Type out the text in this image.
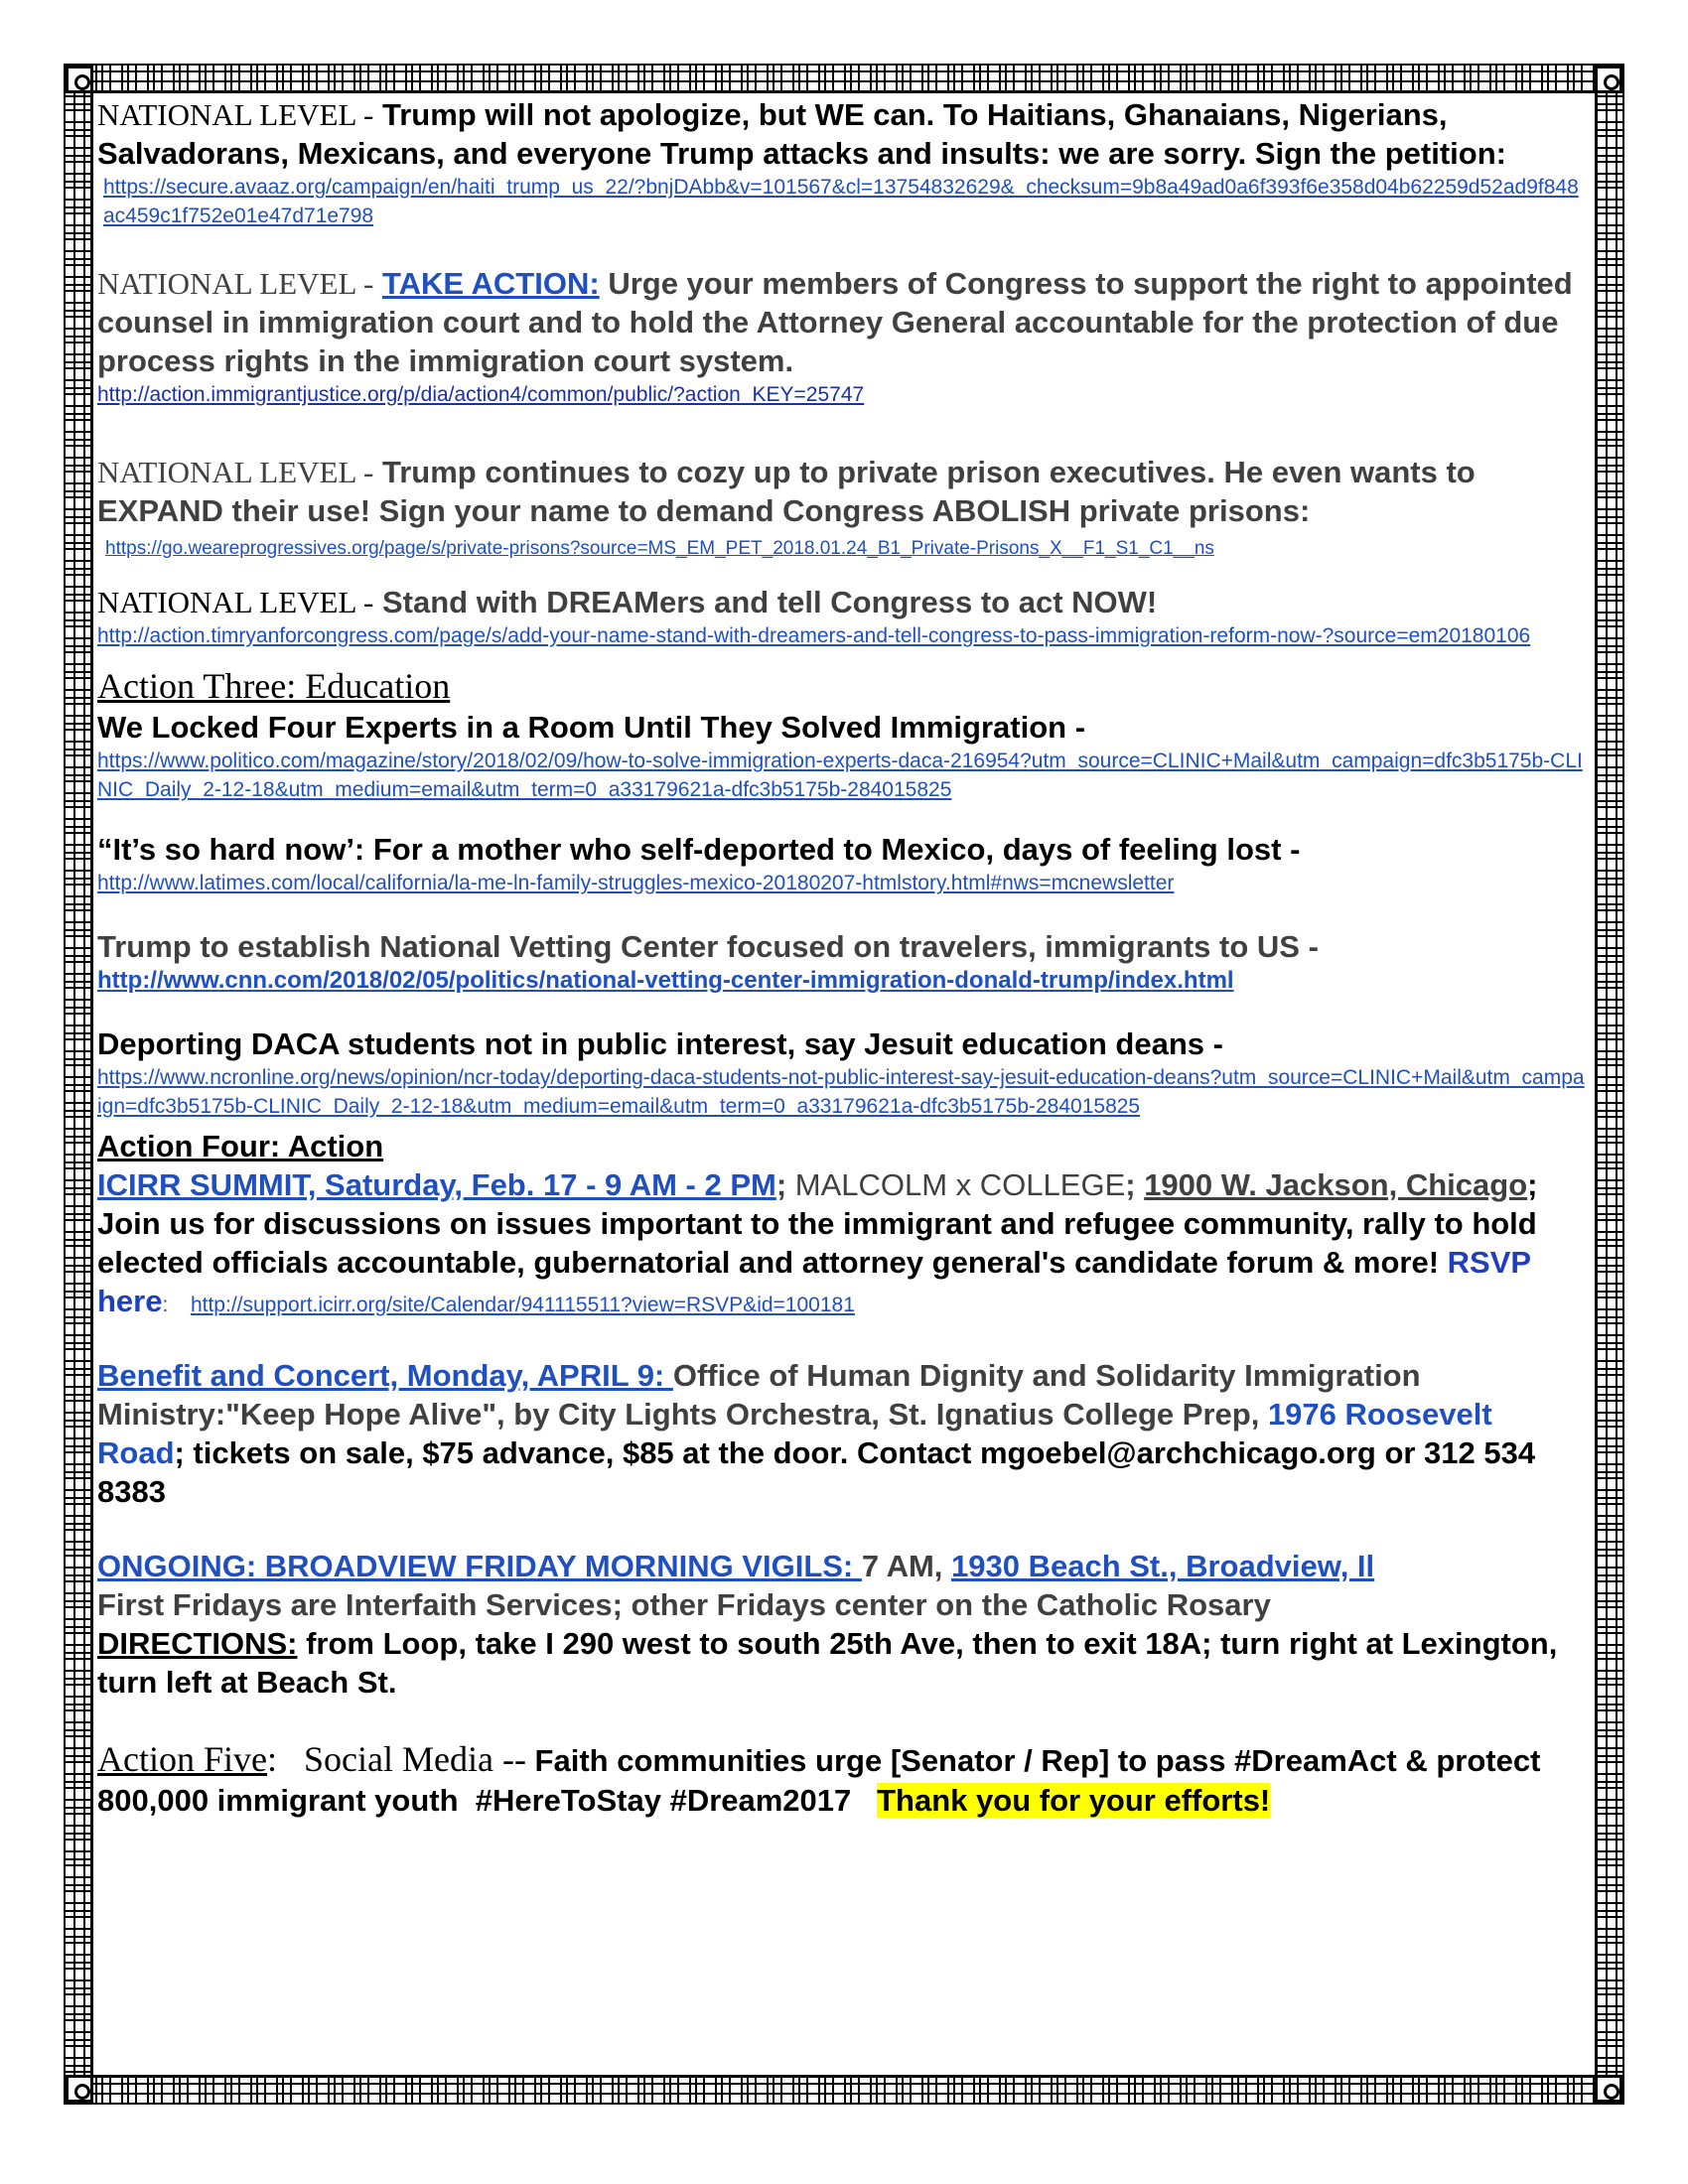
NATIONAL LEVEL - Trump will not apologize, but WE can. To Haitians, Ghanaians, Nigerians, Salvadorans, Mexicans, and everyone Trump attacks and insults: we are sorry. Sign the petition:
https://secure.avaaz.org/campaign/en/haiti_trump_us_22/?bnjDAbb&v=101567&cl=13754832629&_checksum=9b8a49ad0a6f393f6e358d04b62259d52ad9f848ac459c1f752e01e47d71e798
NATIONAL LEVEL - TAKE ACTION: Urge your members of Congress to support the right to appointed counsel in immigration court and to hold the Attorney General accountable for the protection of due process rights in the immigration court system.
http://action.immigrantjustice.org/p/dia/action4/common/public/?action_KEY=25747
NATIONAL LEVEL - Trump continues to cozy up to private prison executives. He even wants to EXPAND their use! Sign your name to demand Congress ABOLISH private prisons:
https://go.weareprogressives.org/page/s/private-prisons?source=MS_EM_PET_2018.01.24_B1_Private-Prisons_X__F1_S1_C1__ns
NATIONAL LEVEL - Stand with DREAMers and tell Congress to act NOW!
http://action.timryanforcongress.com/page/s/add-your-name-stand-with-dreamers-and-tell-congress-to-pass-immigration-reform-now-?source=em20180106
Action Three: Education
We Locked Four Experts in a Room Until They Solved Immigration -
https://www.politico.com/magazine/story/2018/02/09/how-to-solve-immigration-experts-daca-216954?utm_source=CLINIC+Mail&utm_campaign=dfc3b5175b-CLINIC_Daily_2-12-18&utm_medium=email&utm_term=0_a33179621a-dfc3b5175b-284015825
“It’s so hard now’: For a mother who self-deported to Mexico, days of feeling lost -
http://www.latimes.com/local/california/la-me-ln-family-struggles-mexico-20180207-htmlstory.html#nws=mcnewsletter
Trump to establish National Vetting Center focused on travelers, immigrants to US -
http://www.cnn.com/2018/02/05/politics/national-vetting-center-immigration-donald-trump/index.html
Deporting DACA students not in public interest, say Jesuit education deans -
https://www.ncronline.org/news/opinion/ncr-today/deporting-daca-students-not-public-interest-say-jesuit-education-deans?utm_source=CLINIC+Mail&utm_campaign=dfc3b5175b-CLINIC_Daily_2-12-18&utm_medium=email&utm_term=0_a33179621a-dfc3b5175b-284015825
Action Four: Action
ICIRR SUMMIT, Saturday, Feb. 17 - 9 AM - 2 PM; MALCOLM x COLLEGE; 1900 W. Jackson, Chicago; Join us for discussions on issues important to the immigrant and refugee community, rally to hold elected officials accountable, gubernatorial and attorney general's candidate forum & more! RSVP here: http://support.icirr.org/site/Calendar/941115511?view=RSVP&id=100181
Benefit and Concert, Monday, APRIL 9: Office of Human Dignity and Solidarity Immigration Ministry:"Keep Hope Alive", by City Lights Orchestra, St. Ignatius College Prep, 1976 Roosevelt Road; tickets on sale, $75 advance, $85 at the door. Contact mgoebel@archchicago.org or 312 534 8383
ONGOING: BROADVIEW FRIDAY MORNING VIGILS: 7 AM, 1930 Beach St., Broadview, Il
First Fridays are Interfaith Services; other Fridays center on the Catholic Rosary
DIRECTIONS: from Loop, take I 290 west to south 25th Ave, then to exit 18A; turn right at Lexington, turn left at Beach St.
Action Five:   Social Media -- Faith communities urge [Senator / Rep] to pass #DreamAct & protect 800,000 immigrant youth  #HereToStay #Dream2017   Thank you for your efforts!
